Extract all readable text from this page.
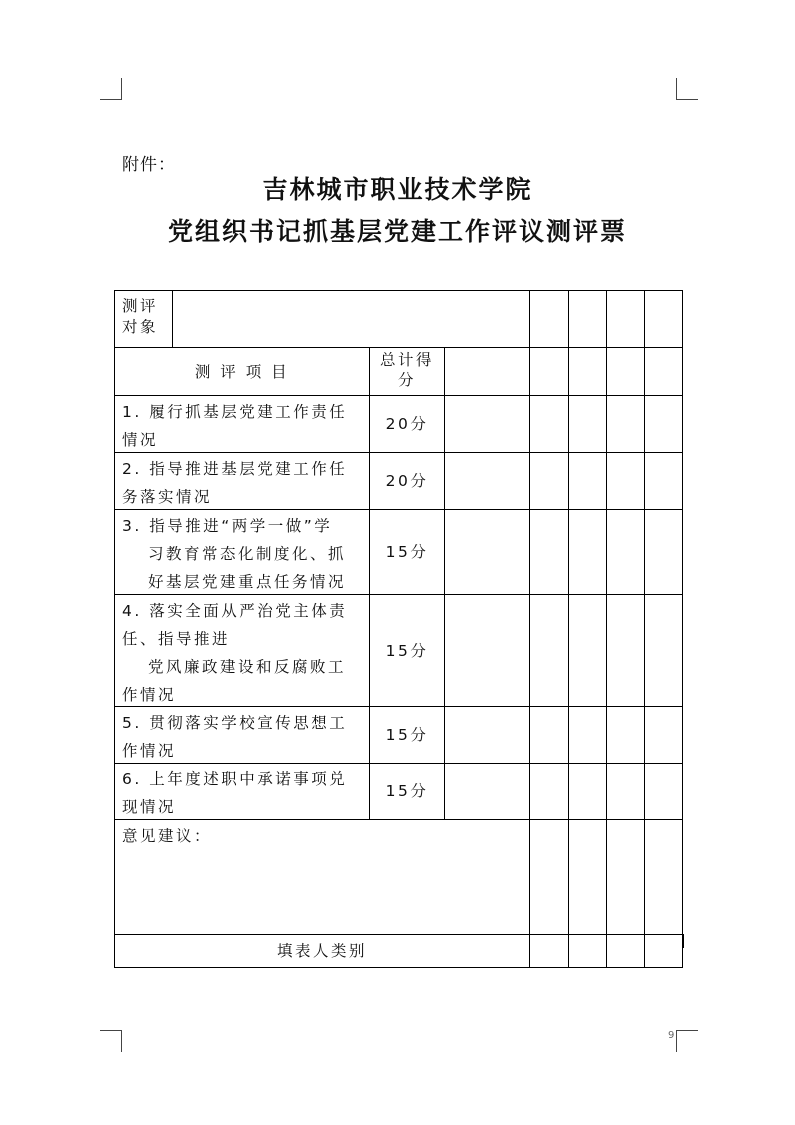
附件：
吉林城市职业技术学院
党组织书记抓基层党建工作评议测评票
测评
对象
测 评 项 目
总计得
分
1. 履行抓基层党建工作责任
情况
20分
2. 指导推进基层党建工作任
务落实情况
20分
3. 指导推进“两学一做”学
习教育常态化制度化、抓
好基层党建重点任务情况
15分
4. 落实全面从严治党主体责
任、指导推进
党风廉政建设和反腐败工
作情况
15分
5. 贯彻落实学校宣传思想工
作情况
15分
6. 上年度述职中承诺事项兑
现情况
15分
意见建议：
填表人类别
9
